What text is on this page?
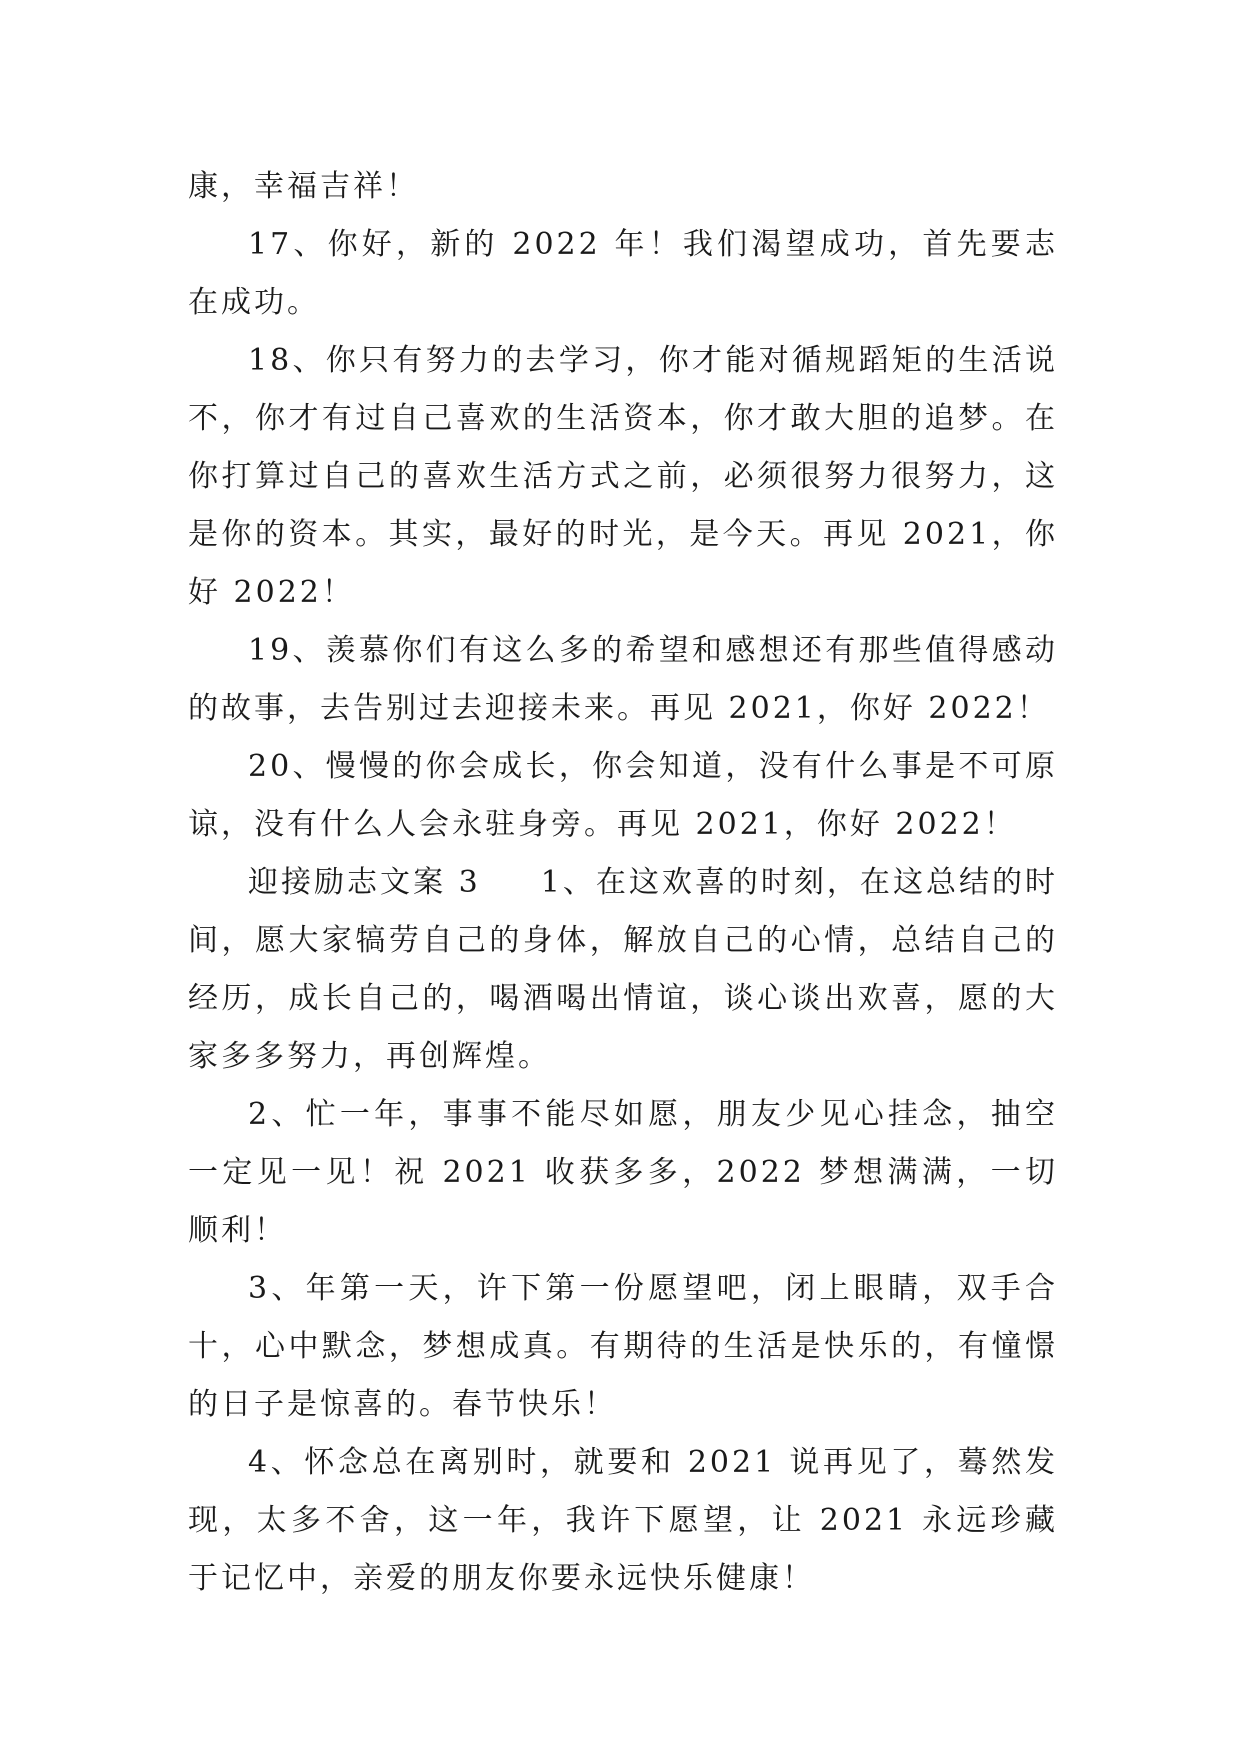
康，幸福吉祥！

17、你好，新的 2022 年！我们渴望成功，首先要志在成功。

18、你只有努力的去学习，你才能对循规蹈矩的生活说不，你才有过自己喜欢的生活资本，你才敢大胆的追梦。在你打算过自己的喜欢生活方式之前，必须很努力很努力，这是你的资本。其实，最好的时光，是今天。再见 2021，你好 2022！

19、羡慕你们有这么多的希望和感想还有那些值得感动的故事，去告别过去迎接未来。再见 2021，你好 2022！

20、慢慢的你会成长，你会知道，没有什么事是不可原谅，没有什么人会永驻身旁。再见 2021，你好 2022！

迎接励志文案 3 1、在这欢喜的时刻，在这总结的时间，愿大家犒劳自己的身体，解放自己的心情，总结自己的经历，成长自己的，喝酒喝出情谊，谈心谈出欢喜，愿的大家多多努力，再创辉煌。

2、忙一年，事事不能尽如愿，朋友少见心挂念，抽空一定见一见！祝 2021 收获多多，2022 梦想满满，一切顺利！

3、年第一天，许下第一份愿望吧，闭上眼睛，双手合十，心中默念，梦想成真。有期待的生活是快乐的，有憧憬的日子是惊喜的。春节快乐！

4、怀念总在离别时，就要和 2021 说再见了，蓦然发现，太多不舍，这一年，我许下愿望，让 2021 永远珍藏于记忆中，亲爱的朋友你要永远快乐健康！
